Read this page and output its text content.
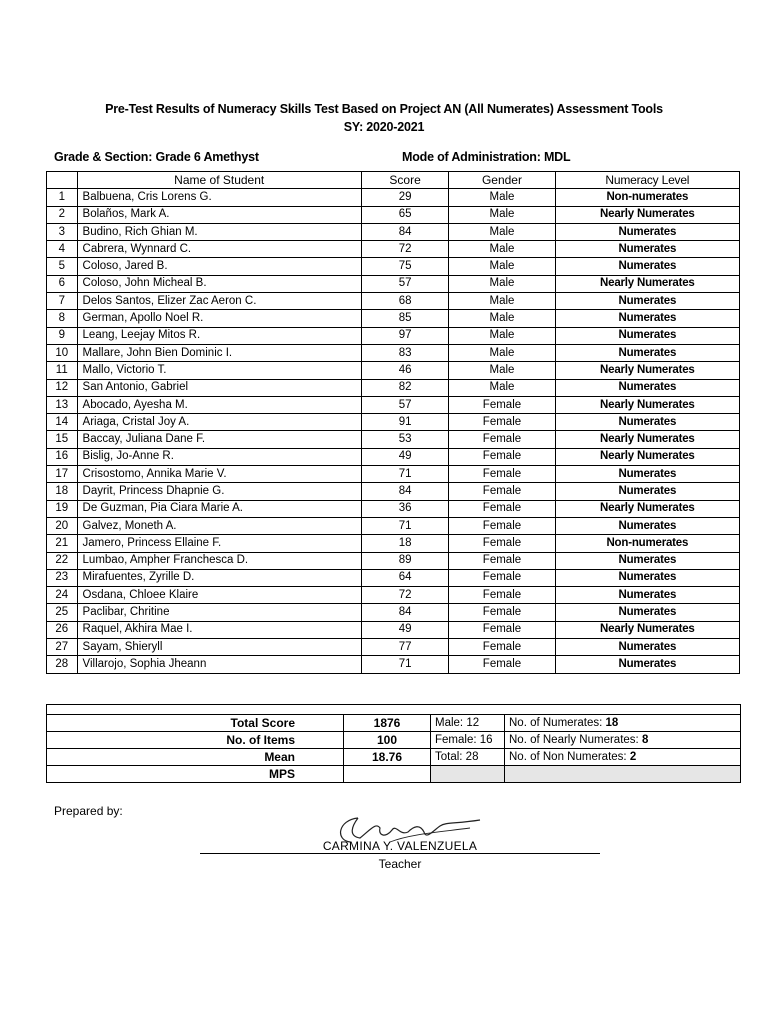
Pre-Test Results of Numeracy Skills Test Based on Project AN (All Numerates) Assessment Tools
SY: 2020-2021
Grade & Section: Grade 6 Amethyst	Mode of Administration: MDL
	Name of Student	Score	Gender	Numeracy Level
1	Balbuena, Cris Lorens G.	29	Male	Non-numerates
2	Bolaños, Mark A.	65	Male	Nearly Numerates
3	Budino, Rich Ghian M.	84	Male	Numerates
4	Cabrera, Wynnard C.	72	Male	Numerates
5	Coloso, Jared B.	75	Male	Numerates
6	Coloso, John Micheal B.	57	Male	Nearly Numerates
7	Delos Santos, Elizer Zac Aeron C.	68	Male	Numerates
8	German, Apollo Noel R.	85	Male	Numerates
9	Leang, Leejay Mitos R.	97	Male	Numerates
10	Mallare, John Bien Dominic I.	83	Male	Numerates
11	Mallo, Victorio T.	46	Male	Nearly Numerates
12	San Antonio, Gabriel	82	Male	Numerates
13	Abocado, Ayesha M.	57	Female	Nearly Numerates
14	Ariaga, Cristal Joy A.	91	Female	Numerates
15	Baccay, Juliana Dane F.	53	Female	Nearly Numerates
16	Bislig, Jo-Anne R.	49	Female	Nearly Numerates
17	Crisostomo, Annika Marie V.	71	Female	Numerates
18	Dayrit, Princess Dhapnie G.	84	Female	Numerates
19	De Guzman, Pia Ciara Marie A.	36	Female	Nearly Numerates
20	Galvez, Moneth A.	71	Female	Numerates
21	Jamero, Princess Ellaine F.	18	Female	Non-numerates
22	Lumbao, Ampher Franchesca D.	89	Female	Numerates
23	Mirafuentes, Zyrille D.	64	Female	Numerates
24	Osdana, Chloee Klaire	72	Female	Numerates
25	Paclibar, Chritine	84	Female	Numerates
26	Raquel, Akhira Mae I.	49	Female	Nearly Numerates
27	Sayam, Shieryll	77	Female	Numerates
28	Villarojo, Sophia Jheann	71	Female	Numerates

Total Score	1876	Male: 12	No. of Numerates: 18
No. of Items	100	Female: 16	No. of Nearly Numerates: 8
Mean	18.76	Total: 28	No. of Non Numerates: 2
MPS			
Prepared by:
CARMINA Y. VALENZUELA
Teacher
